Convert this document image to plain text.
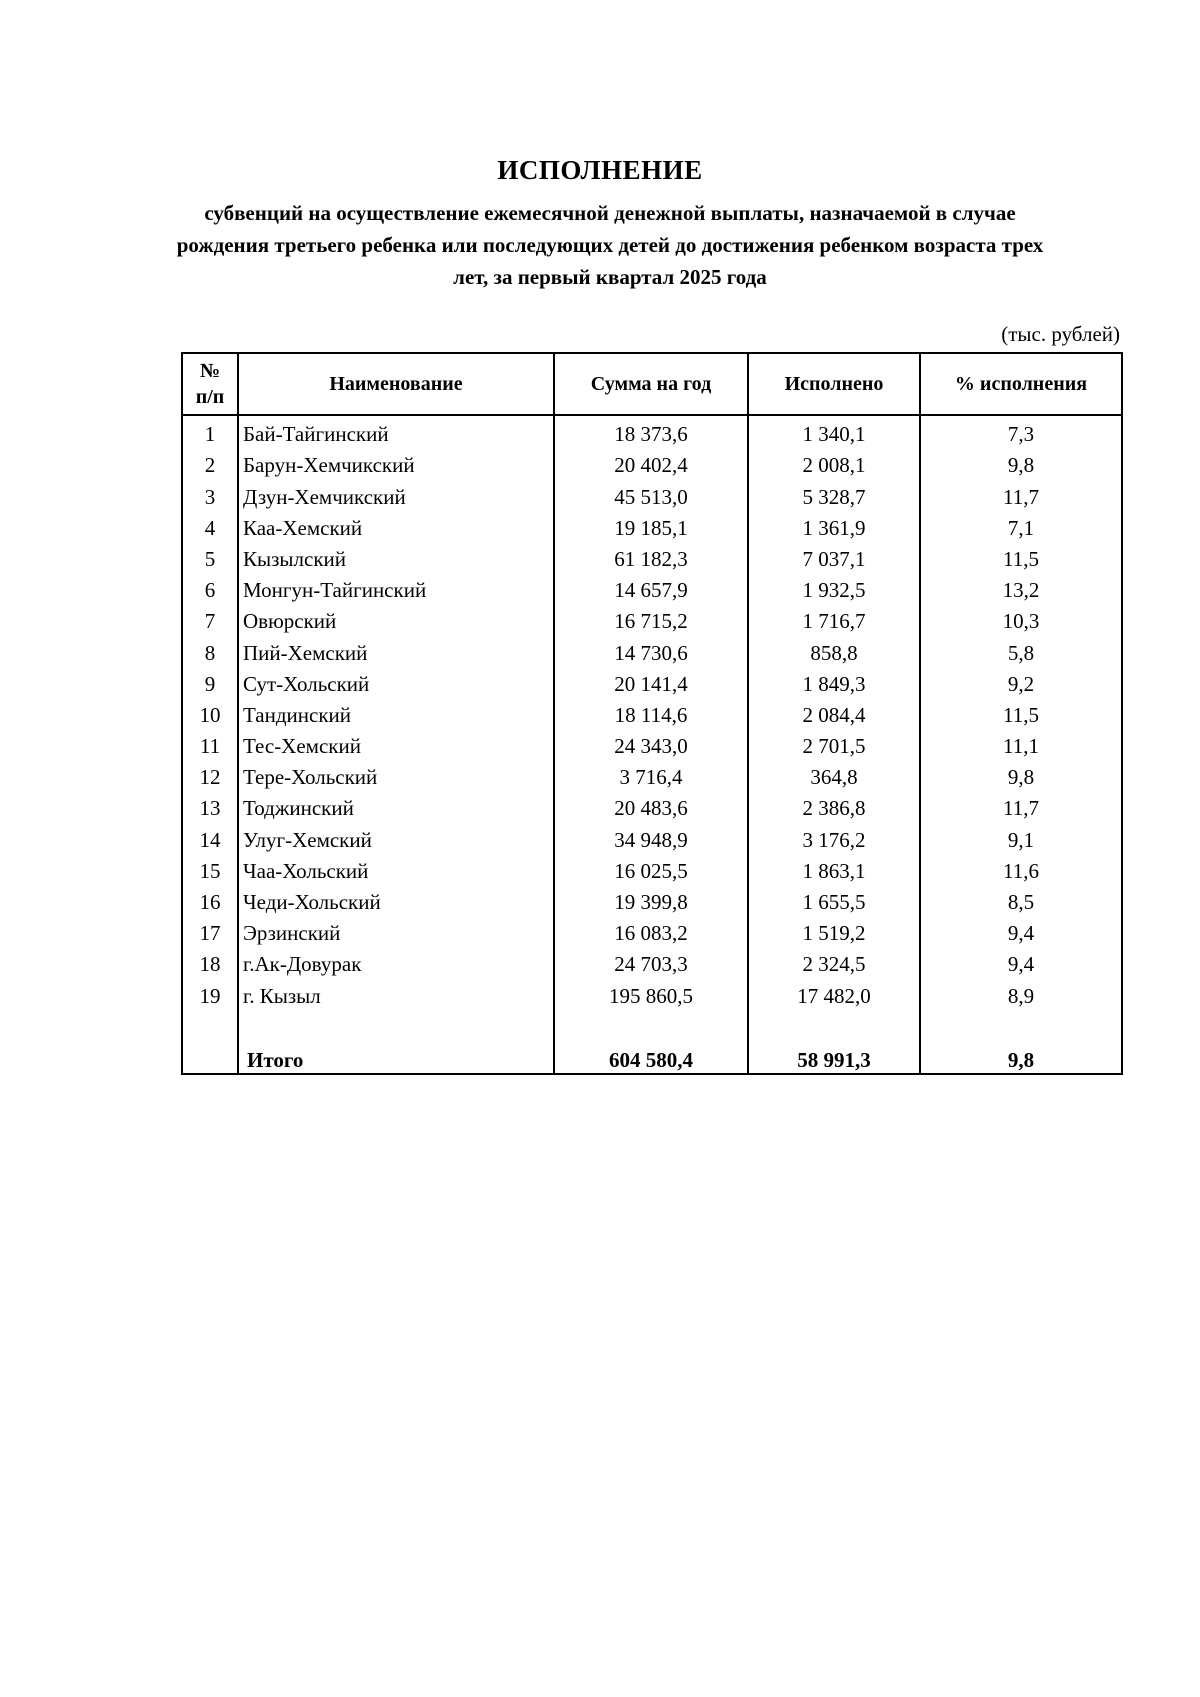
ИСПОЛНЕНИЕ
субвенций на осуществление ежемесячной денежной выплаты, назначаемой в случае рождения третьего ребенка или последующих детей до достижения ребенком возраста трех лет, за первый квартал 2025 года
(тыс. рублей)
№
п/п	Наименование	Сумма на год	Исполнено	% исполнения
1	Бай-Тайгинский	18 373,6	1 340,1	7,3
2	Барун-Хемчикский	20 402,4	2 008,1	9,8
3	Дзун-Хемчикский	45 513,0	5 328,7	11,7
4	Каа-Хемский	19 185,1	1 361,9	7,1
5	Кызылский	61 182,3	7 037,1	11,5
6	Монгун-Тайгинский	14 657,9	1 932,5	13,2
7	Овюрский	16 715,2	1 716,7	10,3
8	Пий-Хемский	14 730,6	858,8	5,8
9	Сут-Хольский	20 141,4	1 849,3	9,2
10	Тандинский	18 114,6	2 084,4	11,5
11	Тес-Хемский	24 343,0	2 701,5	11,1
12	Тере-Хольский	3 716,4	364,8	9,8
13	Тоджинский	20 483,6	2 386,8	11,7
14	Улуг-Хемский	34 948,9	3 176,2	9,1
15	Чаа-Хольский	16 025,5	1 863,1	11,6
16	Чеди-Хольский	19 399,8	1 655,5	8,5
17	Эрзинский	16 083,2	1 519,2	9,4
18	г.Ак-Довурак	24 703,3	2 324,5	9,4
19	г. Кызыл	195 860,5	17 482,0	8,9

	Итого	604 580,4	58 991,3	9,8
